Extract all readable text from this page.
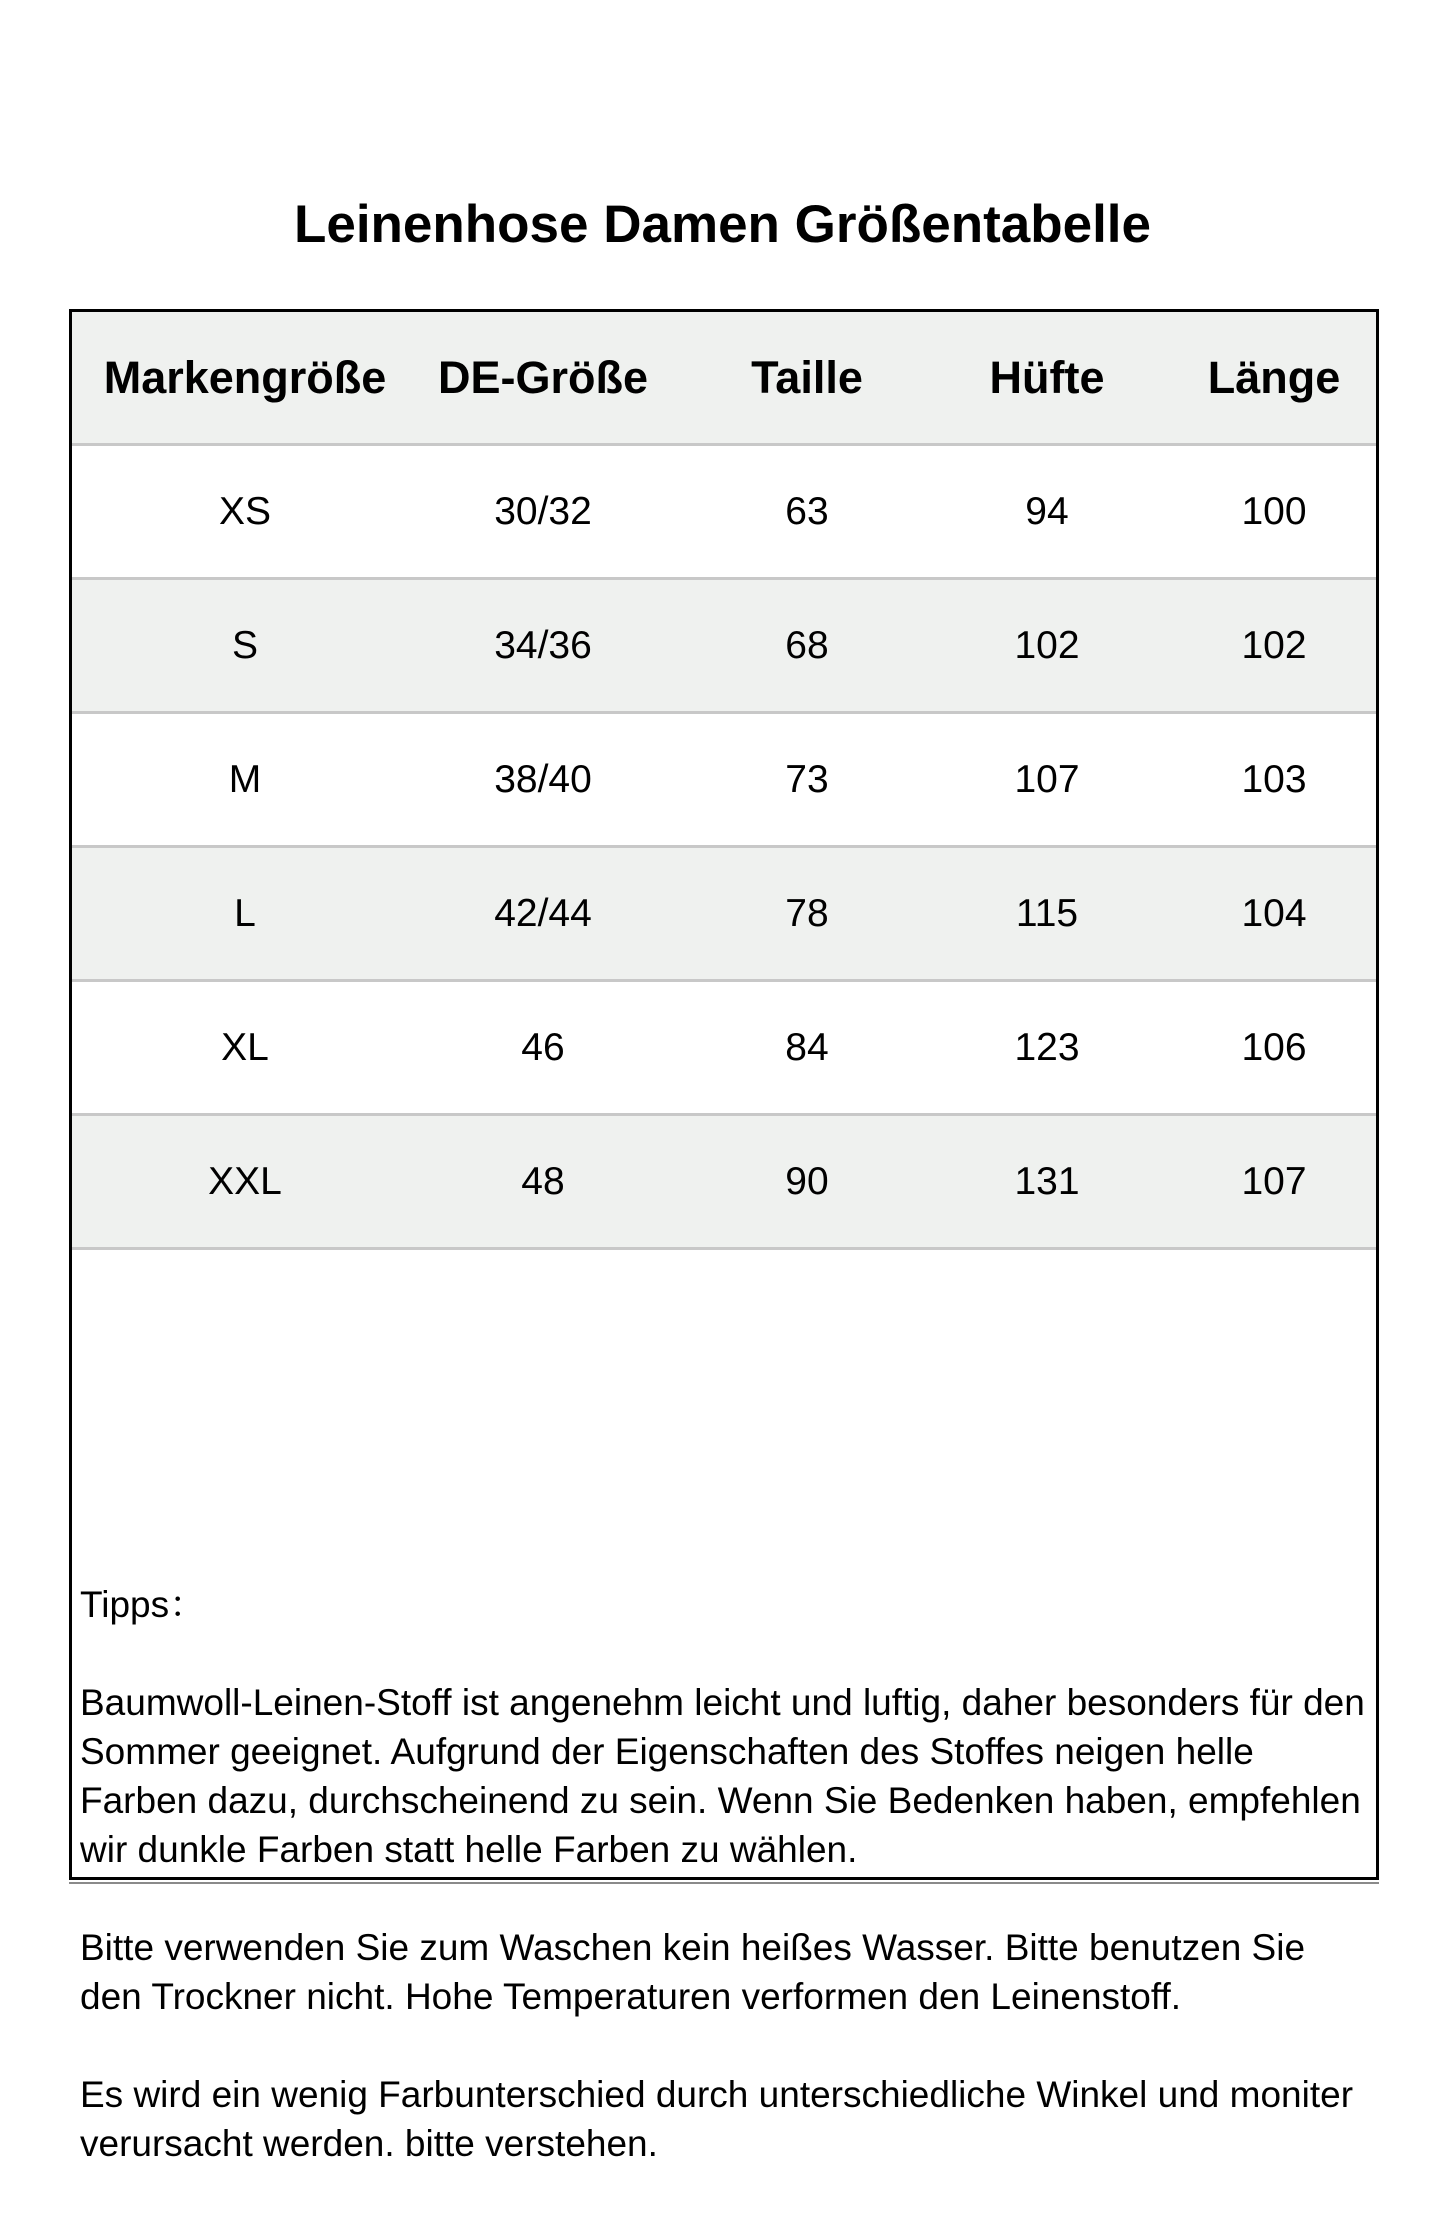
Leinenhose Damen Größentabelle
Markengröße	DE-Größe	Taille	Hüfte	Länge
XS	30/32	63	94	100
S	34/36	68	102	102
M	38/40	73	107	103
L	42/44	78	115	104
XL	46	84	123	106
XXL	48	90	131	107

Tipps：

Baumwoll-Leinen-Stoff ist angenehm leicht und luftig, daher besonders für den Sommer geeignet. Aufgrund der Eigenschaften des Stoffes neigen helle Farben dazu, durchscheinend zu sein. Wenn Sie Bedenken haben, empfehlen wir dunkle Farben statt helle Farben zu wählen.

Bitte verwenden Sie zum Waschen kein heißes Wasser. Bitte benutzen Sie den Trockner nicht. Hohe Temperaturen verformen den Leinenstoff.

Es wird ein wenig Farbunterschied durch unterschiedliche Winkel und moniter verursacht werden. bitte verstehen.
